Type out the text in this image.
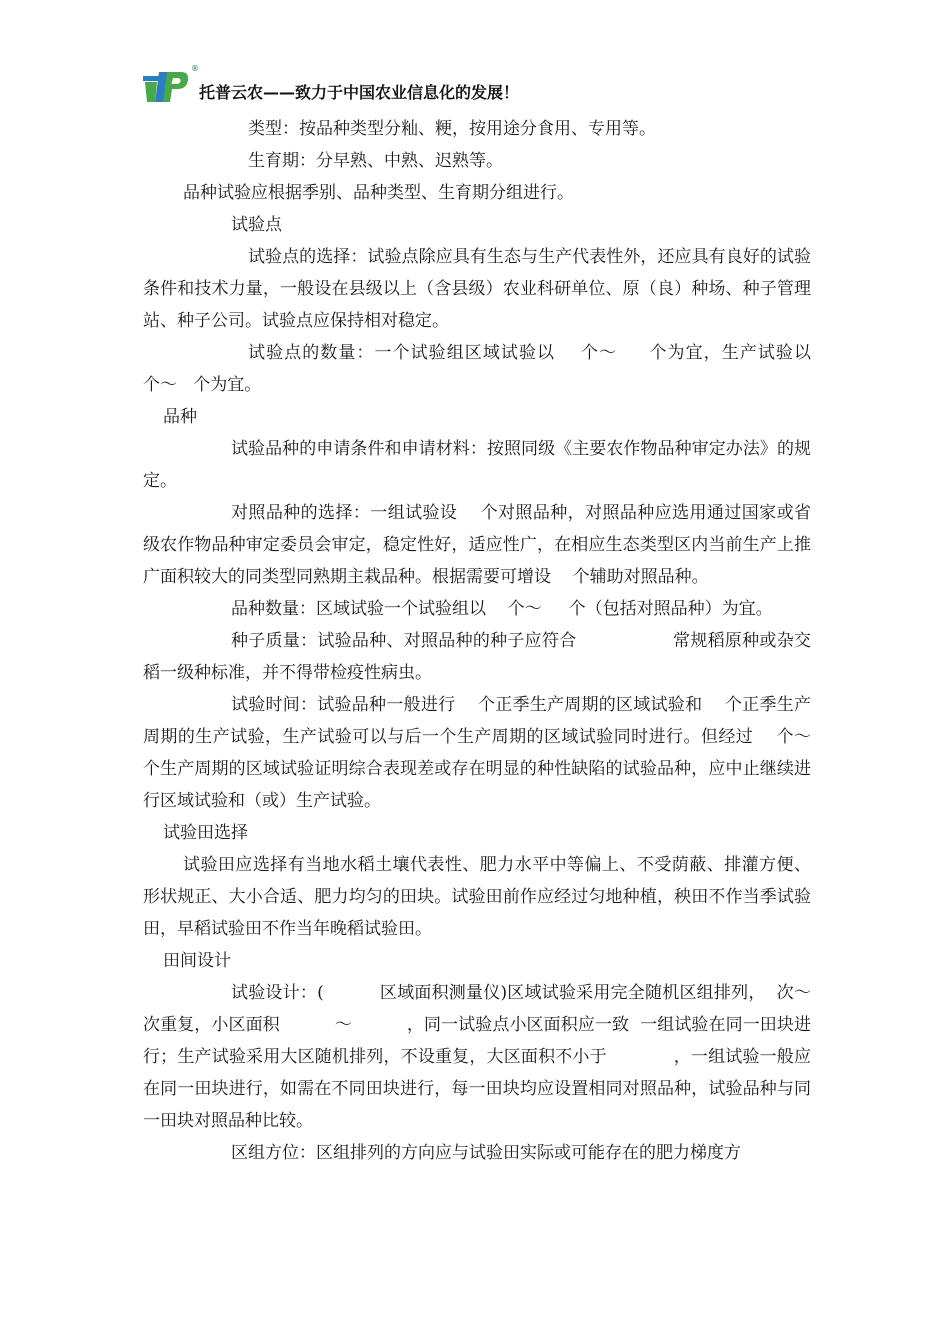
®
托普云农——致力于中国农业信息化的发展！

类型：按品种类型分籼、粳，按用途分食用、专用等。

生育期：分早熟、中熟、迟熟等。

品种试验应根据季别、品种类型、生育期分组进行。

试验点

试验点的选择：试验点除应具有生态与生产代表性外，还应具有良好的试验条件和技术力量，一般设在县级以上（含县级）农业科研单位、原（良）种场、种子管理站、种子公司。试验点应保持相对稳定。

试验点的数量：一个试验组区域试验以    个～     个为宜，生产试验以    个～   个为宜。

品种

试验品种的申请条件和申请材料：按照同级《主要农作物品种审定办法》的规定。

对照品种的选择：一组试验设    个对照品种，对照品种应选用通过国家或省级农作物品种审定委员会审定，稳定性好，适应性广，在相应生态类型区内当前生产上推广面积较大的同类型同熟期主栽品种。根据需要可增设    个辅助对照品种。

品种数量：区域试验一个试验组以    个～     个（包括对照品种）为宜。

种子质量：试验品种、对照品种的种子应符合                 常规稻原种或杂交稻一级种标准，并不得带检疫性病虫。

试验时间：试验品种一般进行    个正季生产周期的区域试验和    个正季生产周期的生产试验，生产试验可以与后一个生产周期的区域试验同时进行。但经过    个～   个生产周期的区域试验证明综合表现差或存在明显的种性缺陷的试验品种，应中止继续进行区域试验和（或）生产试验。

试验田选择

试验田应选择有当地水稻土壤代表性、肥力水平中等偏上、不受荫蔽、排灌方便、形状规正、大小合适、肥力均匀的田块。试验田前作应经过匀地种植，秧田不作当季试验田，早稻试验田不作当年晚稻试验田。

田间设计

试验设计：(          区域面积测量仪)区域试验采用完全随机区组排列，  次～    次重复，小区面积          ～          ，同一试验点小区面积应一致  一组试验在同一田块进行；生产试验采用大区随机排列，不设重复，大区面积不小于            ，一组试验一般应在同一田块进行，如需在不同田块进行，每一田块均应设置相同对照品种，试验品种与同一田块对照品种比较。

区组方位：区组排列的方向应与试验田实际或可能存在的肥力梯度方
